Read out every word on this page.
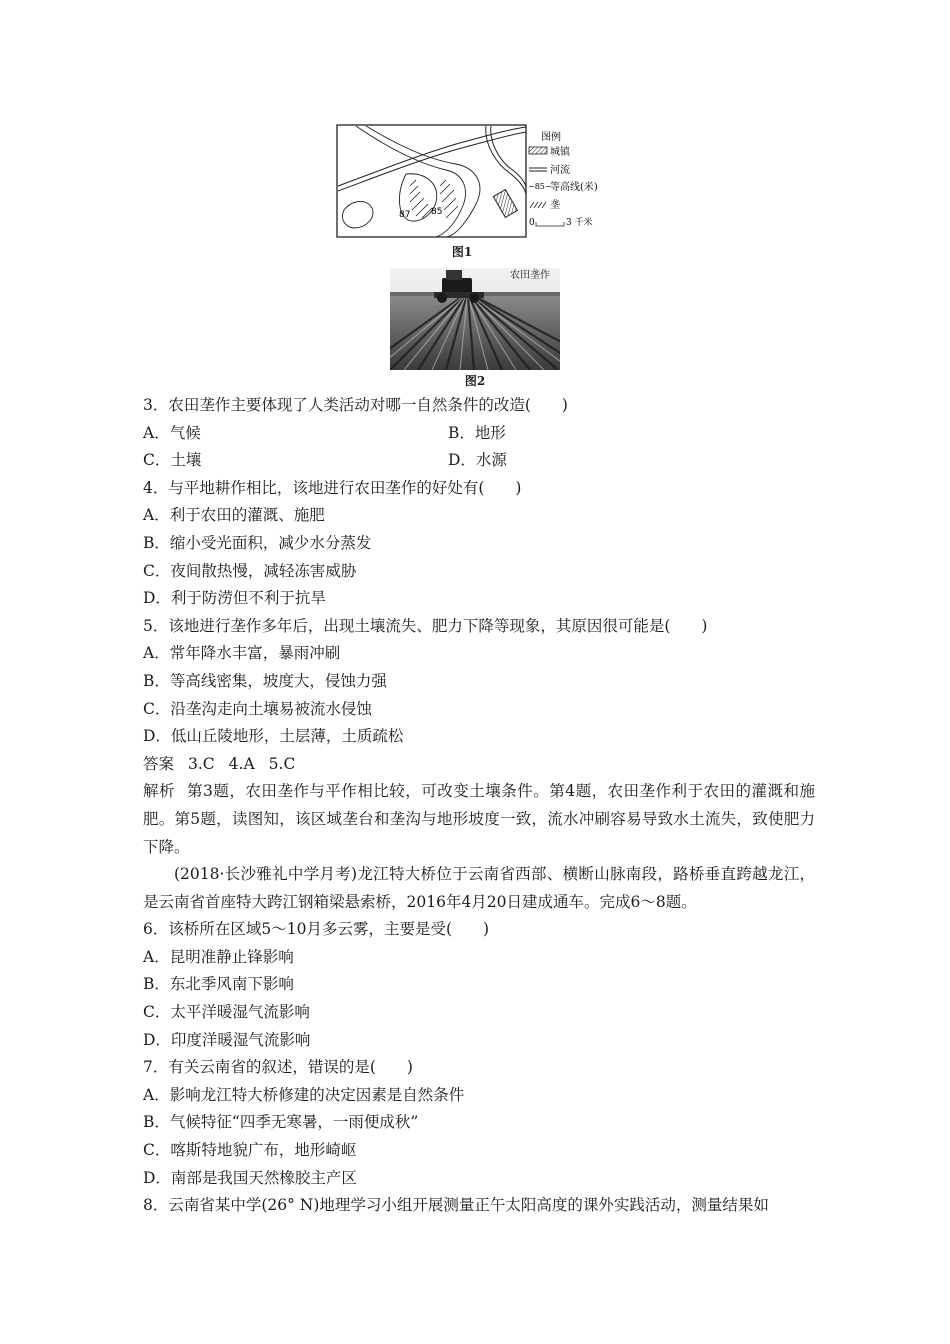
87 85
图例
城镇
河流
~85~
等高线(米)
垄
0	3 千米
图1
农田垄作
图2
3．农田垄作主要体现了人类活动对哪一自然条件的改造(　　)
A．气候	B．地形
C．土壤	D．水源
4．与平地耕作相比，该地进行农田垄作的好处有(　　)
A．利于农田的灌溉、施肥
B．缩小受光面积，减少水分蒸发
C．夜间散热慢，减轻冻害威胁
D．利于防涝但不利于抗旱
5．该地进行垄作多年后，出现土壤流失、肥力下降等现象，其原因很可能是(　　)
A．常年降水丰富，暴雨冲刷
B．等高线密集，坡度大，侵蚀力强
C．沿垄沟走向土壤易被流水侵蚀
D．低山丘陵地形，土层薄，土质疏松
答案 3.C 4.A 5.C
解析 第3题，农田垄作与平作相比较，可改变土壤条件。第4题，农田垄作利于农田的灌溉和施肥。第5题，读图知，该区域垄台和垄沟与地形坡度一致，流水冲刷容易导致水土流失，致使肥力下降。
(2018·长沙雅礼中学月考)龙江特大桥位于云南省西部、横断山脉南段，路桥垂直跨越龙江，是云南省首座特大跨江钢箱梁悬索桥，2016年4月20日建成通车。完成6～8题。
6．该桥所在区域5～10月多云雾，主要是受(　　)
A．昆明准静止锋影响
B．东北季风南下影响
C．太平洋暖湿气流影响
D．印度洋暖湿气流影响
7．有关云南省的叙述，错误的是(　　)
A．影响龙江特大桥修建的决定因素是自然条件
B．气候特征“四季无寒暑，一雨便成秋”
C．喀斯特地貌广布，地形崎岖
D．南部是我国天然橡胶主产区
8．云南省某中学(26° N)地理学习小组开展测量正午太阳高度的课外实践活动，测量结果如
